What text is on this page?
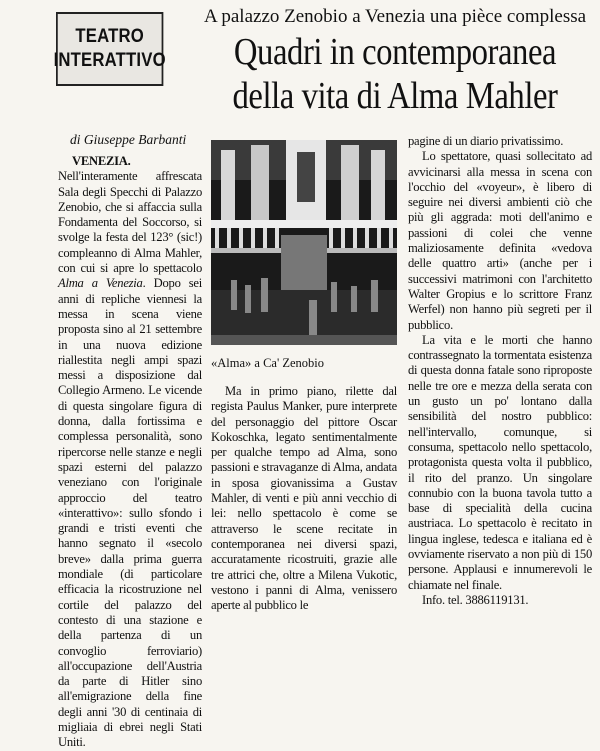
TEATRO
INTERATTIVO
A palazzo Zenobio a Venezia una pièce complessa
Quadri in contemporanea
della vita di Alma Mahler
di Giuseppe Barbanti

VENEZIA. Nell'interamente affrescata Sala degli Specchi di Palazzo Zenobio, che si affaccia sulla Fondamenta del Soccorso, si svolge la festa del 123° (sic!) compleanno di Alma Mahler, con cui si apre lo spettacolo Alma a Venezia. Dopo sei anni di repliche viennesi la messa in scena viene proposta sino al 21 settembre in una nuova edizione riallestita negli ampi spazi messi a disposizione dal Collegio Armeno. Le vicende di questa singolare figura di donna, dalla fortissima e complessa personalità, sono ripercorse nelle stanze e negli spazi esterni del palazzo veneziano con l'originale approccio del teatro «interattivo»: sullo sfondo i grandi e tristi eventi che hanno segnato il «secolo breve» dalla prima guerra mondiale (di particolare efficacia la ricostruzione nel cortile del palazzo del contesto di una stazione e della partenza di un convoglio ferroviario) all'occupazione dell'Austria da parte di Hitler sino all'emigrazione della fine degli anni '30 di centinaia di migliaia di ebrei negli Stati Uniti.

«Alma» a Ca' Zenobio

Ma in primo piano, rilette dal regista Paulus Manker, pure interprete del personaggio del pittore Oscar Kokoschka, legato sentimentalmente per qualche tempo ad Alma, sono passioni e stravaganze di Alma, andata in sposa giovanissima a Gustav Mahler, di venti e più anni vecchio di lei: nello spettacolo è come se attraverso le scene recitate in contemporanea nei diversi spazi, accuratamente ricostruiti, grazie alle tre attrici che, oltre a Milena Vukotic, vestono i panni di Alma, venissero aperte al pubblico le

pagine di un diario privatissimo.

Lo spettatore, quasi sollecitato ad avvicinarsi alla messa in scena con l'occhio del «voyeur», è libero di seguire nei diversi ambienti ciò che più gli aggrada: moti dell'animo e passioni di colei che venne maliziosamente definita «vedova delle quattro arti» (anche per i successivi matrimoni con l'architetto Walter Gropius e lo scrittore Franz Werfel) non hanno più segreti per il pubblico.

La vita e le morti che hanno contrassegnato la tormentata esistenza di questa donna fatale sono riproposte nelle tre ore e mezza della serata con un gusto un po' lontano dalla sensibilità del nostro pubblico: nell'intervallo, comunque, si consuma, spettacolo nello spettacolo, protagonista questa volta il pubblico, il rito del pranzo. Un singolare connubio con la buona tavola tutto a base di specialità della cucina austriaca. Lo spettacolo è recitato in lingua inglese, tedesca e italiana ed è ovviamente riservato a non più di 150 persone. Applausi e innumerevoli le chiamate nel finale.

Info. tel. 3886119131.
